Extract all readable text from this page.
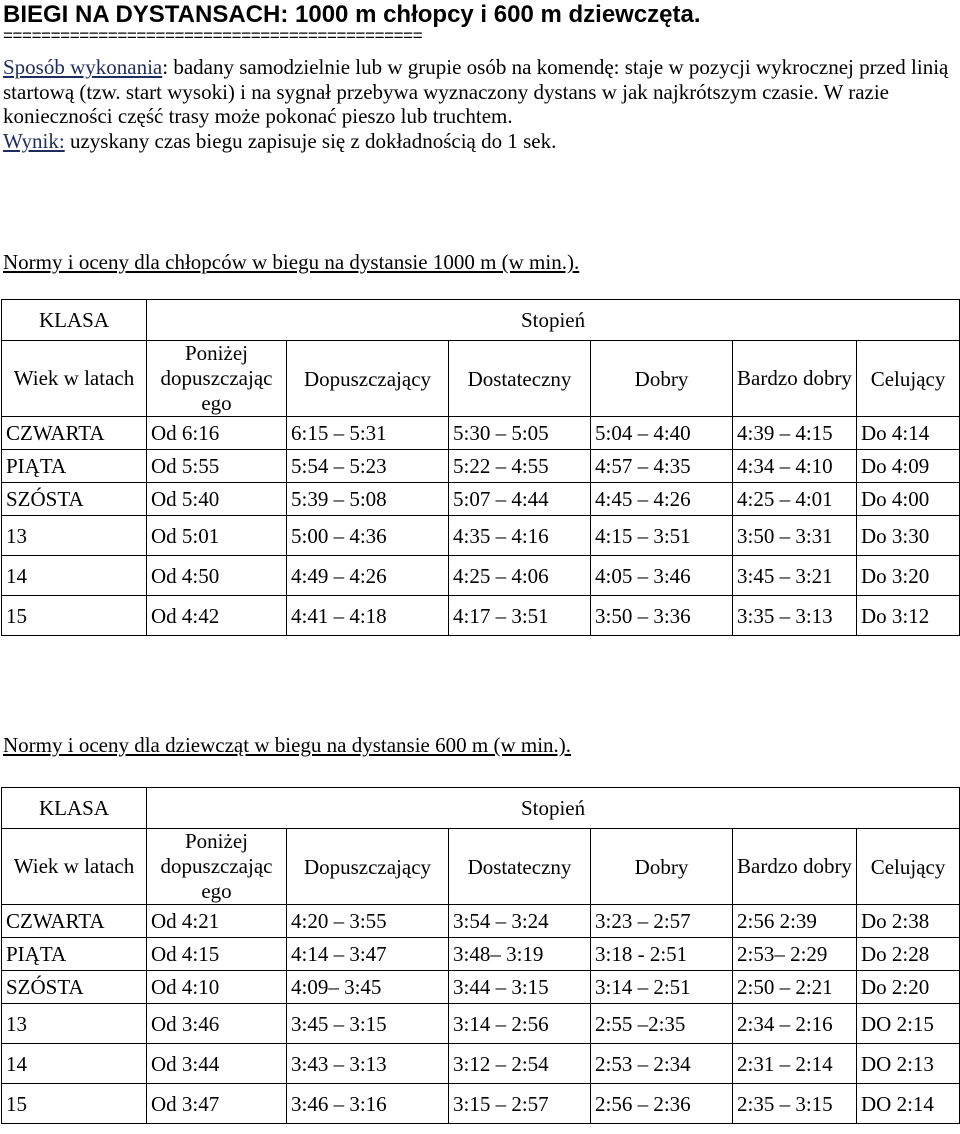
BIEGI NA DYSTANSACH: 1000 m chłopcy i 600 m dziewczęta.
============================================
Sposób wykonania: badany samodzielnie lub w grupie osób na komendę: staje w pozycji wykrocznej przed linią startową (tzw. start wysoki) i na sygnał przebywa wyznaczony dystans w jak najkrótszym czasie. W razie konieczności część trasy może pokonać pieszo lub truchtem.
Wynik: uzyskany czas biegu zapisuje się z dokładnością do 1 sek.
Normy i oceny dla chłopców w biegu na dystansie 1000 m (w min.).
KLASA	Stopień					
Wiek w latach	Poniżej dopuszczając ego	Dopuszczający	Dostateczny	Dobry	Bardzo dobry	Celujący
CZWARTA	Od 6:16	6:15 – 5:31	5:30 – 5:05	5:04 – 4:40	4:39 – 4:15	Do 4:14
PIĄTA	Od 5:55	5:54 – 5:23	5:22 – 4:55	4:57 – 4:35	4:34 – 4:10	Do 4:09
SZÓSTA	Od 5:40	5:39 – 5:08	5:07 – 4:44	4:45 – 4:26	4:25 – 4:01	Do 4:00
13	Od 5:01	5:00 – 4:36	4:35 – 4:16	4:15 – 3:51	3:50 – 3:31	Do 3:30
14	Od 4:50	4:49 – 4:26	4:25 – 4:06	4:05 – 3:46	3:45 – 3:21	Do 3:20
15	Od 4:42	4:41 – 4:18	4:17 – 3:51	3:50 – 3:36	3:35 – 3:13	Do 3:12
Normy i oceny dla dziewcząt w biegu na dystansie 600 m (w min.).
KLASA	Stopień					
Wiek w latach	Poniżej dopuszczając ego	Dopuszczający	Dostateczny	Dobry	Bardzo dobry	Celujący
CZWARTA	Od 4:21	4:20 – 3:55	3:54 – 3:24	3:23 – 2:57	2:56 2:39	Do 2:38
PIĄTA	Od 4:15	4:14 – 3:47	3:48– 3:19	3:18 - 2:51	2:53– 2:29	Do 2:28
SZÓSTA	Od 4:10	4:09– 3:45	3:44 – 3:15	3:14 – 2:51	2:50 – 2:21	Do 2:20
13	Od 3:46	3:45 – 3:15	3:14 – 2:56	2:55 –2:35	2:34 – 2:16	DO 2:15
14	Od 3:44	3:43 – 3:13	3:12 – 2:54	2:53 – 2:34	2:31 – 2:14	DO 2:13
15	Od 3:47	3:46 – 3:16	3:15 – 2:57	2:56 – 2:36	2:35 – 3:15	DO 2:14
